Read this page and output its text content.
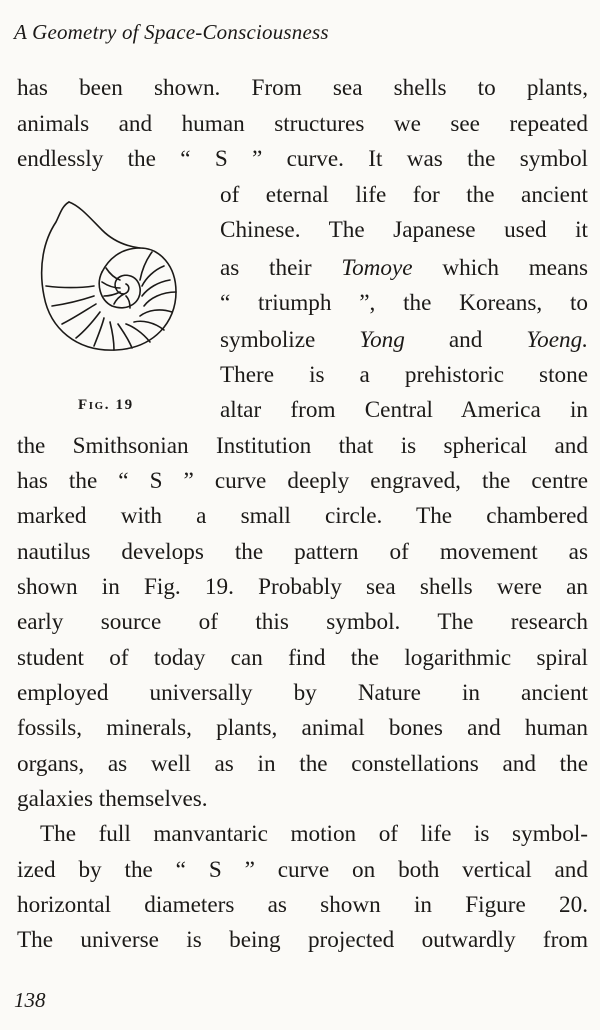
A Geometry of Space-Consciousness
has been shown. From sea shells to plants,
animals and human structures we see repeated
endlessly the “ S ” curve. It was the symbol
of eternal life for the ancient
Chinese. The Japanese used it
as their Tomoye which means
“ triumph ”, the Koreans, to
symbolize Yong and Yoeng.
There is a prehistoric stone
altar from Central America in
the Smithsonian Institution that is spherical and
has the “ S ” curve deeply engraved, the centre
marked with a small circle. The chambered
nautilus develops the pattern of movement as
shown in Fig. 19. Probably sea shells were an
early source of this symbol. The research
student of today can find the logarithmic spiral
employed universally by Nature in ancient
fossils, minerals, plants, animal bones and human
organs, as well as in the constellations and the
galaxies themselves.
The full manvantaric motion of life is symbol-
ized by the “ S ” curve on both vertical and
horizontal diameters as shown in Figure 20.
The universe is being projected outwardly from
Fig. 19
138
